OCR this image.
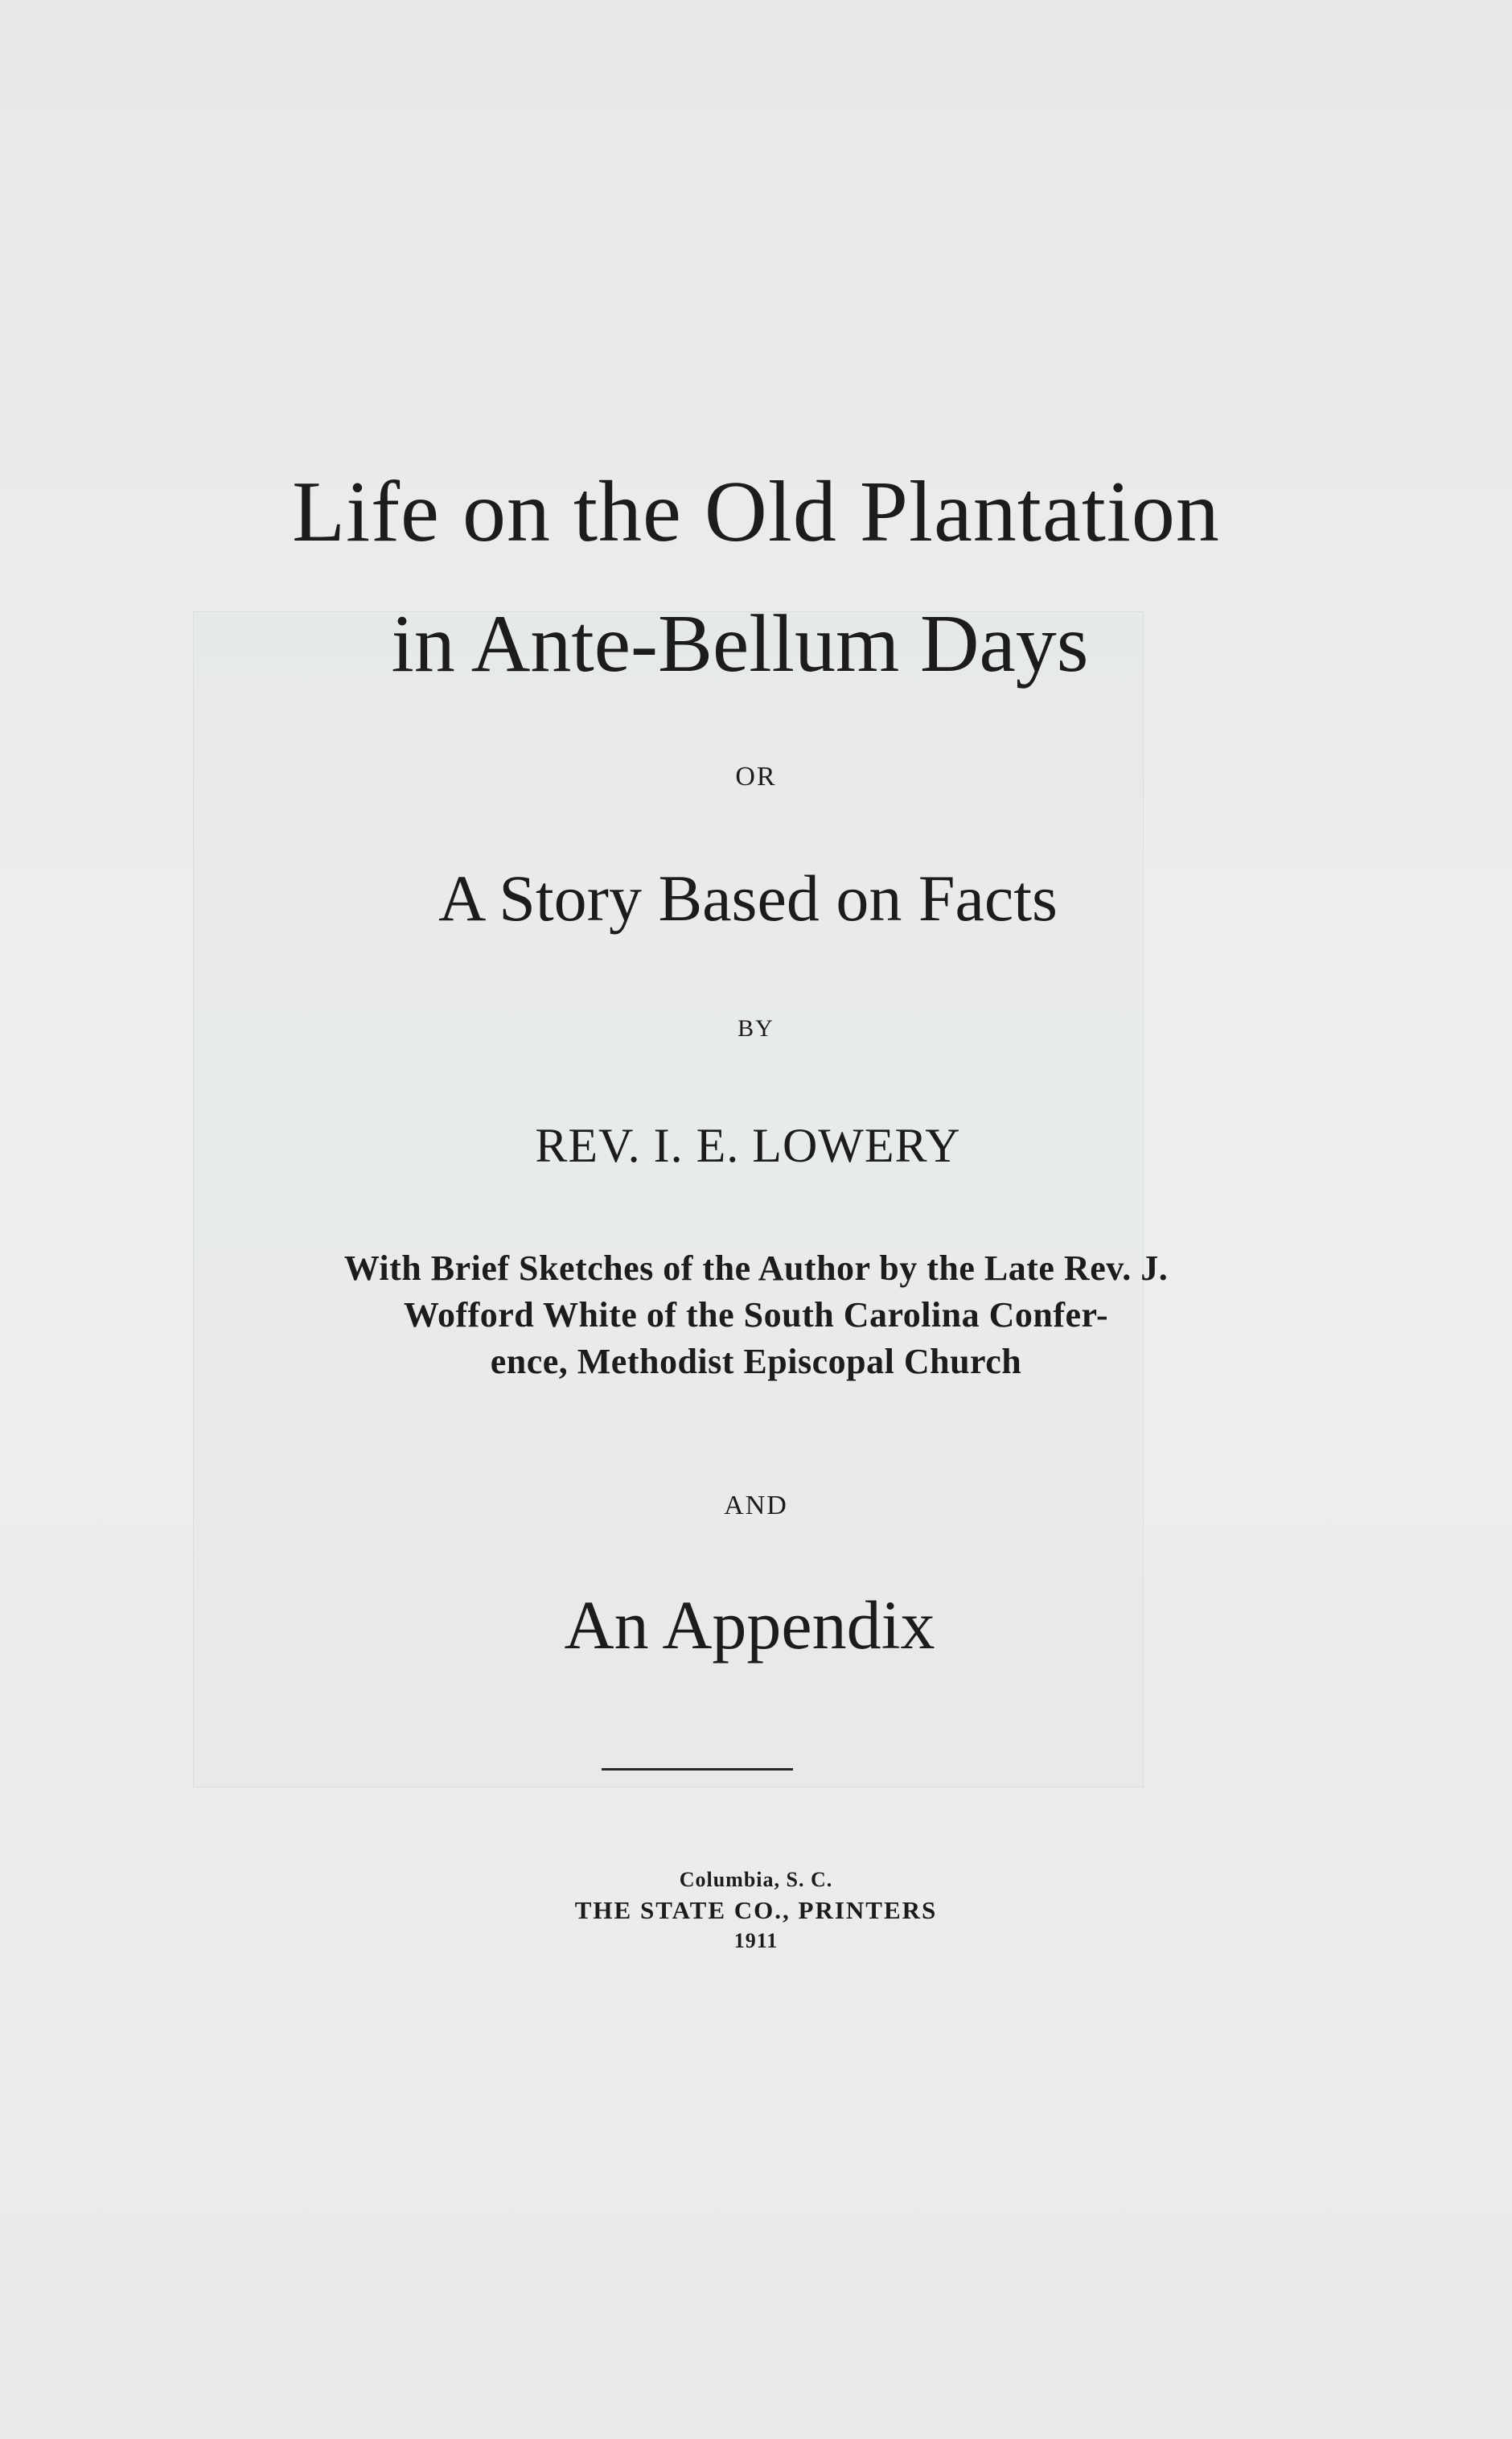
Life on the Old Plantation
in Ante-Bellum Days
OR
A Story Based on Facts
BY
REV. I. E. LOWERY
With Brief Sketches of the Author by the Late Rev. J.
Wofford White of the South Carolina Confer-
ence, Methodist Episcopal Church
AND
An Appendix
Columbia, S. C.
THE STATE CO., PRINTERS
1911
